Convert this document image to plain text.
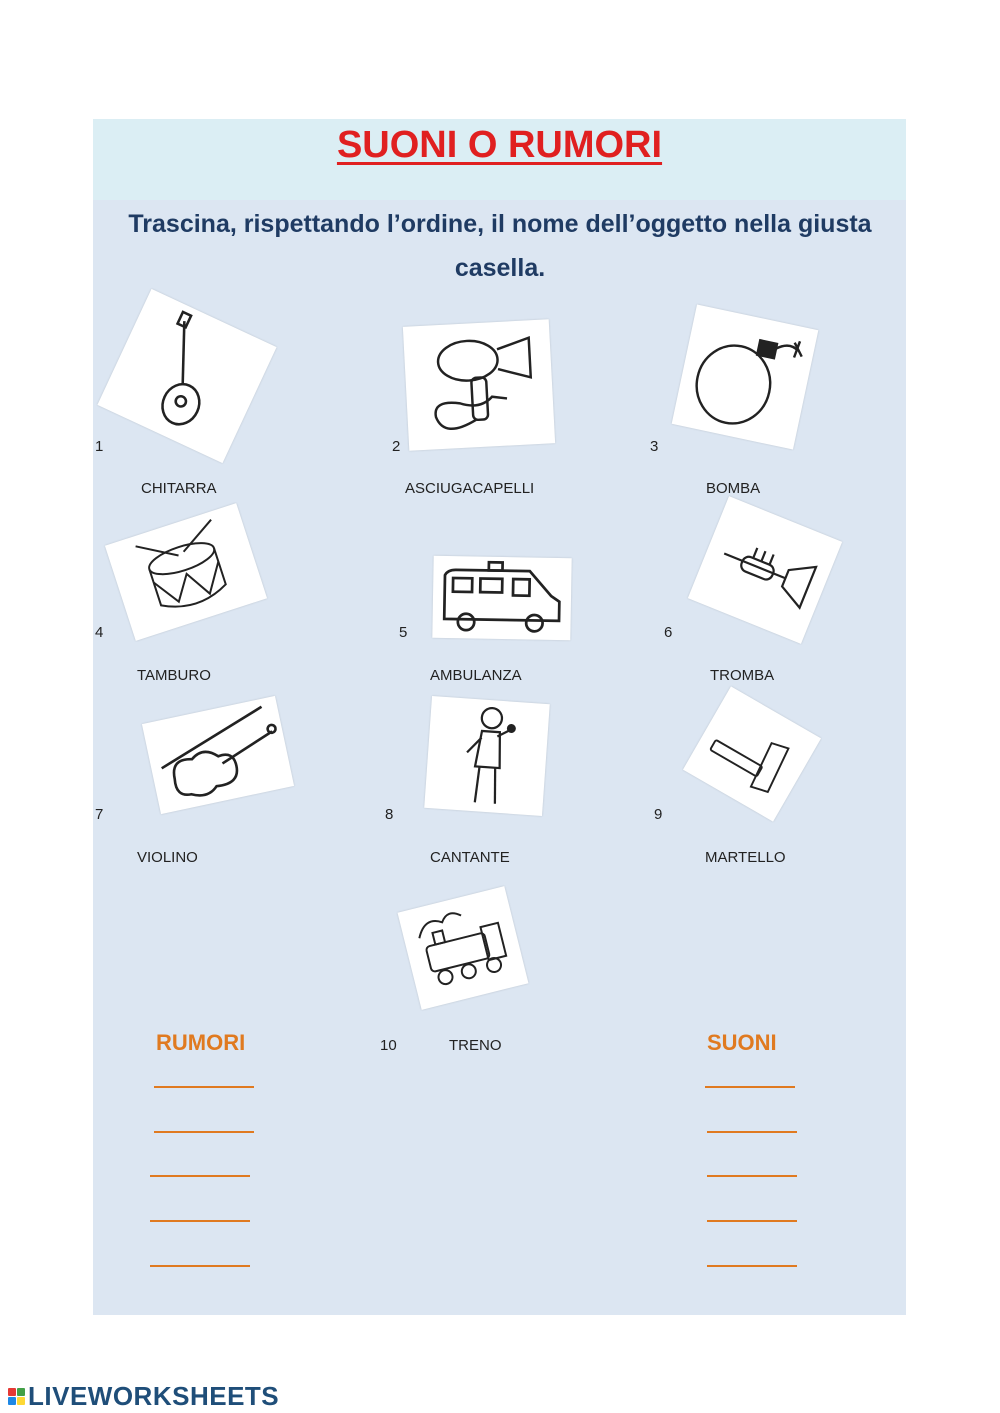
SUONI O RUMORI
Trascina, rispettando l’ordine, il nome dell’oggetto nella giusta casella.
1
CHITARRA
2
ASCIUGACAPELLI
3
BOMBA
4
TAMBURO
5
AMBULANZA
6
TROMBA
7
VIOLINO
8
CANTANTE
9
MARTELLO
10	TRENO
RUMORI	SUONI
LIVEWORKSHEETS
